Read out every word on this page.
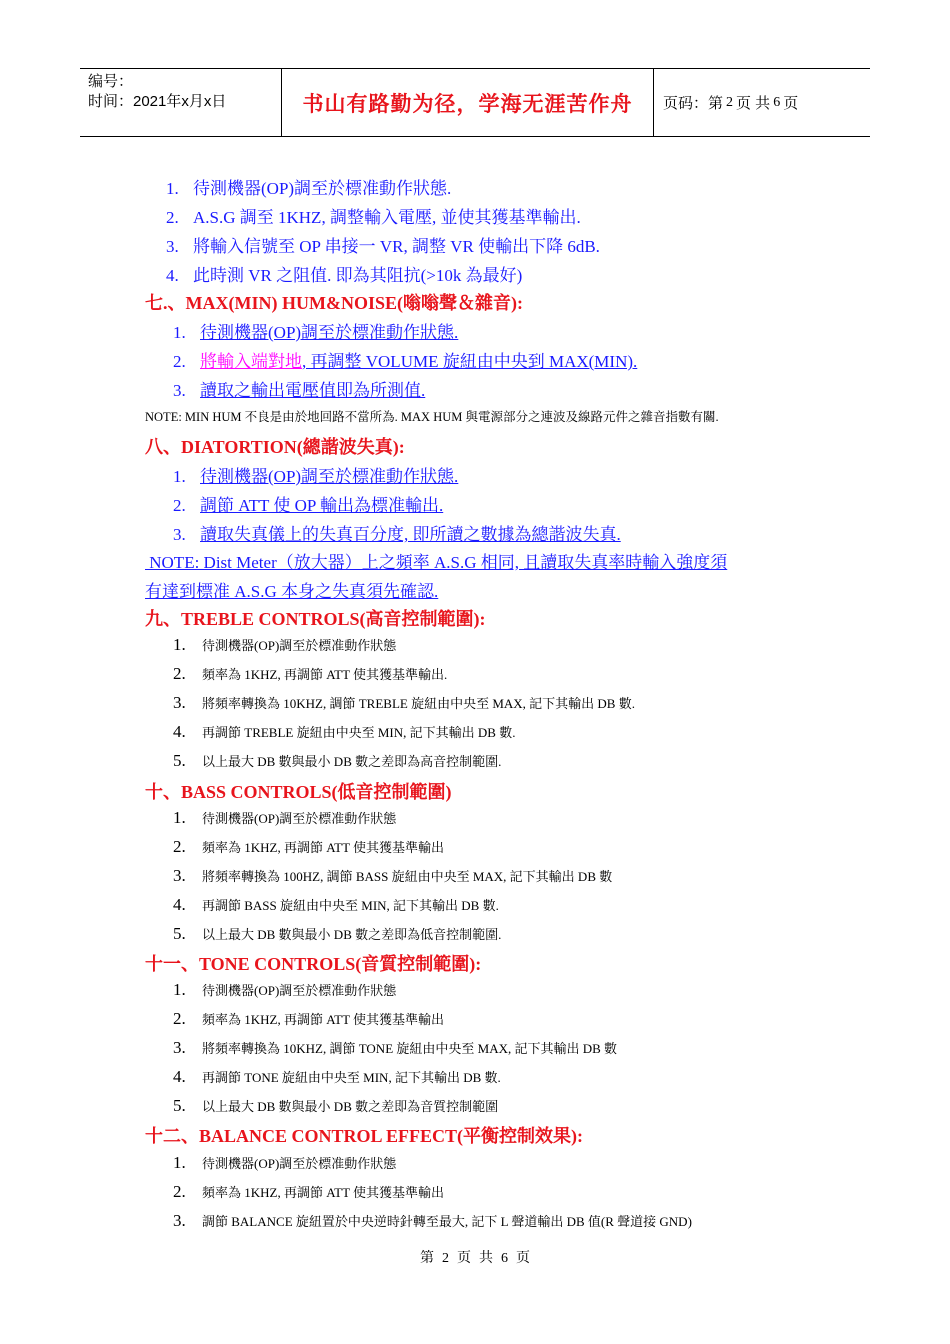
编号：
时间：2021年x月x日	书山有路勤为径，学海无涯苦作舟	页码：第 2 页 共 6 页
1. 待測機器(OP)調至於標准動作狀態.
2. A.S.G 調至 1KHZ, 調整輸入電壓, 並使其獲基準輸出.
3. 將輸入信號至 OP 串接一 VR, 調整 VR 使輸出下降 6dB.
4. 此時測 VR 之阻值. 即為其阻抗(>10k 為最好)
七.、MAX(MIN) HUM&NOISE(嗡嗡聲＆雜音):
1. 待測機器(OP)調至於標准動作狀態.
2. 將輸入端對地, 再調整 VOLUME 旋紐由中央到 MAX(MIN).
3. 讀取之輸出電壓值即為所測值.
NOTE: MIN HUM 不良是由於地回路不當所為. MAX HUM 與電源部分之連波及線路元件之雜音指數有關.
八、DIATORTION(總諧波失真):
1. 待測機器(OP)調至於標准動作狀態.
2. 調節 ATT 使 OP 輸出為標准輸出.
3. 讀取失真儀上的失真百分度, 即所讀之數據為總諧波失真.
NOTE: Dist Meter（放大器）上之頻率 A.S.G 相同, 且讀取失真率時輸入強度須
有達到標准 A.S.G 本身之失真須先確認.
九、TREBLE CONTROLS(高音控制範圍):
1. 待測機器(OP)調至於標准動作狀態
2. 頻率為 1KHZ, 再調節 ATT 使其獲基準輸出.
3. 將頻率轉換為 10KHZ, 調節 TREBLE 旋紐由中央至 MAX, 記下其輸出 DB 數.
4. 再調節 TREBLE 旋紐由中央至 MIN, 記下其輸出 DB 數.
5. 以上最大 DB 數與最小 DB 數之差即為高音控制範圍.
十、BASS CONTROLS(低音控制範圍)
1. 待測機器(OP)調至於標准動作狀態
2. 頻率為 1KHZ, 再調節 ATT 使其獲基準輸出
3. 將頻率轉換為 100HZ, 調節 BASS 旋紐由中央至 MAX, 記下其輸出 DB 數
4. 再調節 BASS 旋紐由中央至 MIN, 記下其輸出 DB 數.
5. 以上最大 DB 數與最小 DB 數之差即為低音控制範圍.
十一、TONE CONTROLS(音質控制範圍):
1. 待測機器(OP)調至於標准動作狀態
2. 頻率為 1KHZ, 再調節 ATT 使其獲基準輸出
3. 將頻率轉換為 10KHZ, 調節 TONE 旋紐由中央至 MAX, 記下其輸出 DB 數
4. 再調節 TONE 旋紐由中央至 MIN, 記下其輸出 DB 數.
5. 以上最大 DB 數與最小 DB 數之差即為音質控制範圍
十二、BALANCE CONTROL EFFECT(平衡控制效果):
1. 待測機器(OP)調至於標准動作狀態
2. 頻率為 1KHZ, 再調節 ATT 使其獲基準輸出
3. 調節 BALANCE 旋紐置於中央逆時針轉至最大, 記下 L 聲道輸出 DB 值(R 聲道接 GND)
第 2 页 共 6 页
